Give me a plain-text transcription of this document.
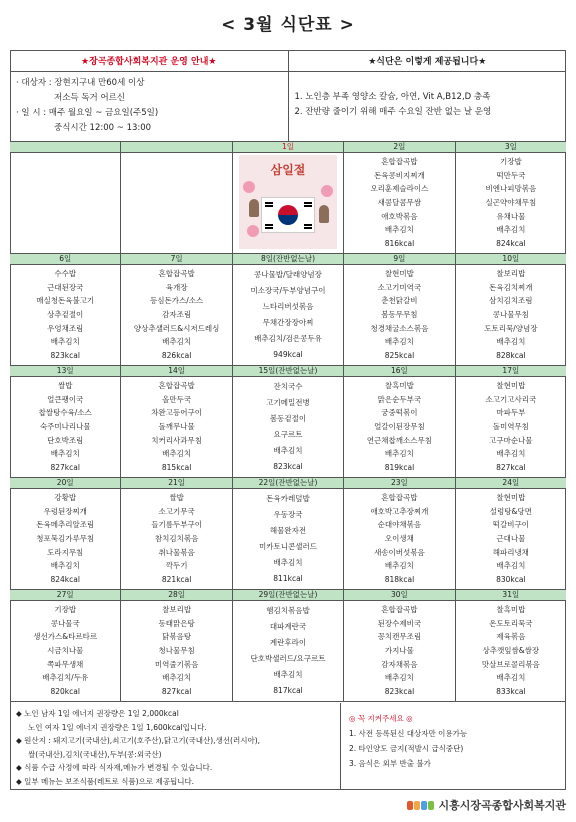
< 3월 식단표 >
★장곡종합사회복지관 운영 안내★	★식단은 이렇게 제공됩니다★
· 대상자 : 장현지구내 만60세 이상
저소득 독거 어르신
· 일 시 : 매주 월요일 ~ 금요일(주5일)
중식시간 12:00 ~ 13:00
1. 노인층 부족 영양소 칼슘, 아연, Vit A,B12,D 충족
2. 잔반량 줄이기 위해 매주 수요일 잔반 없는 날 운영
1일
삼일절
2일
혼합잡곡밥
돈육콩비지찌개
오리훈제슬라이스
새콤달콤무쌈
애호박볶음
배추김치
816kcal
3일
기장밥
떡만두국
비엔나피망볶음
실곤약야채무침
유채나물
배추김치
824kcal
6일
수수밥
근대된장국
매실청돈육불고기
상추겉절이
우엉채조림
배추김치
823kcal
7일
혼합잡곡밥
육개장
등심돈가스/소스
감자조림
양상추샐러드&시저드레싱
배추김치
826kcal
8일(잔반없는날)
콩나물밥/달래양념장
미소장국/두부양념구이
느타리버섯볶음
무채간장장아찌
배추김치/검은콩두유
949kcal
9일
찰현미밥
소고기미역국
춘천닭갈비
봄동무무침
청경채굴소스볶음
배추김치
825kcal
10일
찰보리밥
돈육김치찌개
삼치김치조림
콩나물무침
도토리묵/양념장
배추김치
828kcal
13일
쌀밥
얼큰팽이국
찹쌀탕수육/소스
숙주미나리나물
단호박조림
배추김치
827kcal
14일
혼합잡곡밥
올만두국
차완고등어구이
돌깨무나물
치커리사과무침
배추김치
815kcal
15일(잔반없는날)
잔치국수
고기메밀전병
봄동겉절이
요구르트
배추김치
823kcal
16일
찰흑미밥
맑은순두부국
궁중떡볶이
얼갈이된장무침
연근채찹깨소스무침
배추김치
819kcal
17일
찰현미밥
소고기고사리국
마파두부
돌미역무침
고구마순나물
배추김치
827kcal
20일
강황밥
우렁된장찌개
돈육메추리알조림
청포묵김가루무침
도라지무침
배추김치
824kcal
21일
쌀밥
소고기무국
들기름두부구이
참치김치볶음
취나물볶음
깍두기
821kcal
22일(잔반없는날)
돈육카레덮밥
우동장국
해물완자전
미카토니콘샐러드
배추김치
811kcal
23일
혼합잡곡밥
애호박고추장찌개
순대야채볶음
오이생채
새송이버섯볶음
배추김치
818kcal
24일
찰현미밥
설렁탕&당면
떡갈비구이
근대나물
해파리냉채
배추김치
830kcal
27일
기장밥
콩나물국
생선가스&타르타르
시금치나물
쪽파무생채
배추김치/두유
820kcal
28일
찰보리밥
동태맑은탕
닭볶음탕
청나물무침
미역줄기볶음
배추김치
827kcal
29일(잔반없는날)
햄김치볶음밥
대파계란국
계란후라이
단호박샐러드/요구르트
배추김치
817kcal
30일
혼합잡곡밥
된장수제비국
꽁치캔무조림
가지나물
감자채볶음
배추김치
823kcal
31일
찰흑미밥
온도토리묵국
제육볶음
상추깻잎쌈&쌈장
맛살브로콜리볶음
배추김치
833kcal
◆ 노인 남자 1일 에너지 권장량은 1일 2,000kcal
노인 여자 1일 에너지 권장량은 1일 1,600kcal입니다.
◆ 원산지 : 돼지고기(국내산),쇠고기(호주산),닭고기(국내산),생선(러시아),
쌀(국내산),김치(국내산),두부(콩:외국산)
◆ 식품 수급 사정에 따라 식자재,메뉴가 변경될 수 있습니다.
◆ 일부 메뉴는 보조식품(레트로 식품)으로 제공됩니다.
◎ 꼭 지켜주세요 ◎
1. 사전 등록된신 대상자만 이용가능
2. 타인양도 금지(적발시 급식중단)
3. 음식은 외부 반출 불가
시흥시장곡종합사회복지관
